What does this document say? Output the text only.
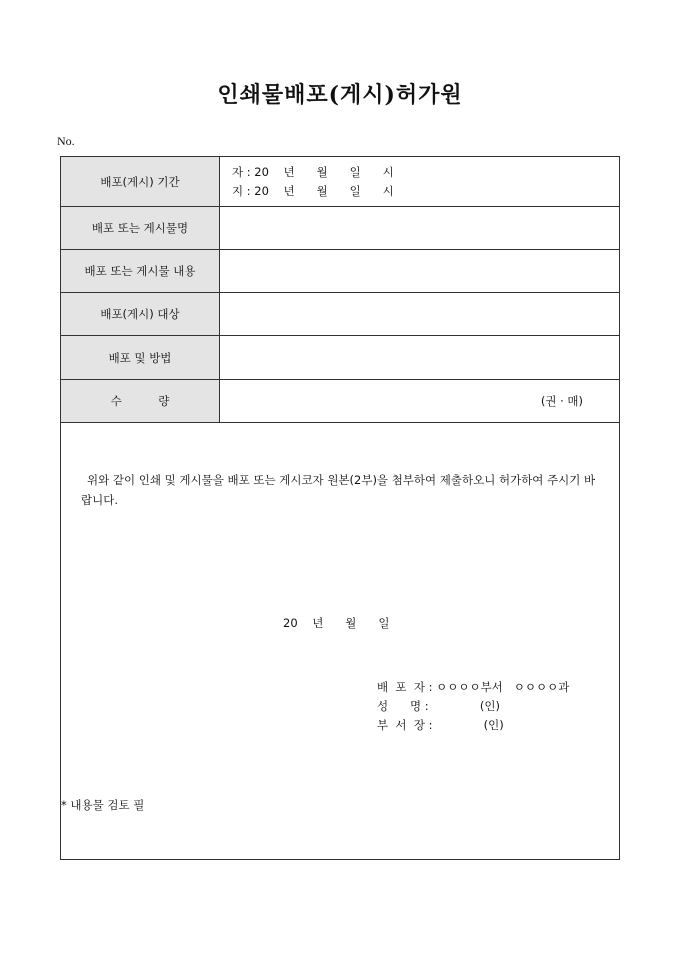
인쇄물배포(게시)허가원
No.
배포(게시) 기간
자 : 20    년      월      일      시
지 : 20    년      월      일      시
배포 또는 게시물명
배포 또는 게시물 내용
배포(게시) 대상
배포 및 방법
수          량	(권 · 매)
위와 같이 인쇄 및 게시물을 배포 또는 게시코자 원본(2부)을 첨부하여 제출하오니 허가하여 주시기 바랍니다.
20    년      월      일
배  포  자 : ㅇㅇㅇㅇ부서   ㅇㅇㅇㅇ과
성      명 :              (인)
부  서  장 :              (인)
* 내용물 검토 필
